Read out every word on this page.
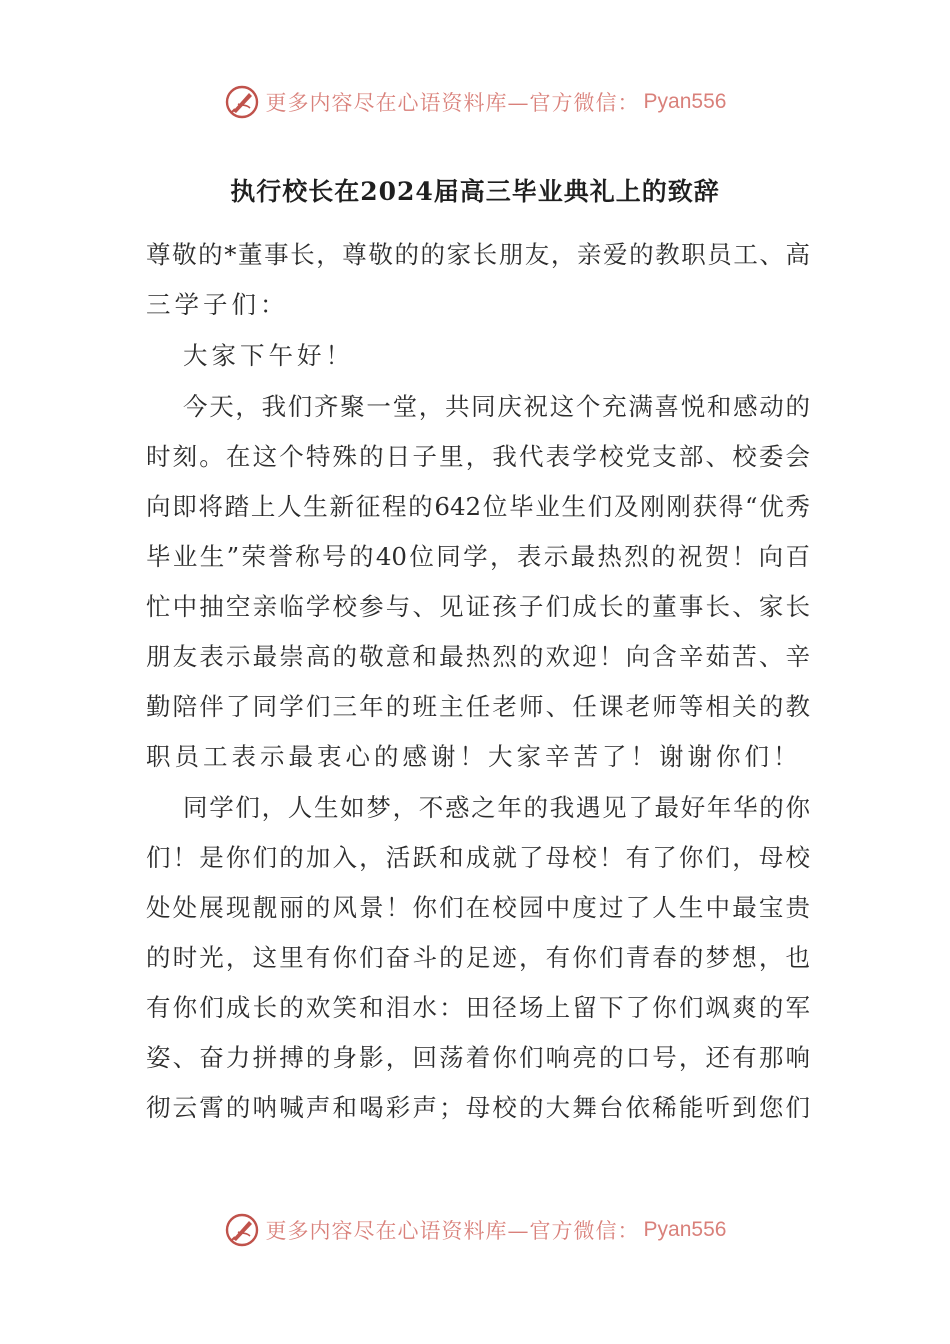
更多内容尽在心语资料库—官方微信： Pyan556
执行校长在2024届高三毕业典礼上的致辞
尊敬的*董事长，尊敬的的家长朋友，亲爱的教职员工、高
三学子们：
大家下午好！
今天，我们齐聚一堂，共同庆祝这个充满喜悦和感动的
时刻。在这个特殊的日子里，我代表学校党支部、校委会
向即将踏上人生新征程的642位毕业生们及刚刚获得“优秀
毕业生”荣誉称号的40位同学，表示最热烈的祝贺！向百
忙中抽空亲临学校参与、见证孩子们成长的董事长、家长
朋友表示最崇高的敬意和最热烈的欢迎！向含辛茹苦、辛
勤陪伴了同学们三年的班主任老师、任课老师等相关的教
职员工表示最衷心的感谢！大家辛苦了！谢谢你们！
同学们，人生如梦，不惑之年的我遇见了最好年华的你
们！是你们的加入，活跃和成就了母校！有了你们，母校
处处展现靓丽的风景！你们在校园中度过了人生中最宝贵
的时光，这里有你们奋斗的足迹，有你们青春的梦想，也
有你们成长的欢笑和泪水：田径场上留下了你们飒爽的军
姿、奋力拼搏的身影，回荡着你们响亮的口号，还有那响
彻云霄的呐喊声和喝彩声；母校的大舞台依稀能听到您们
更多内容尽在心语资料库—官方微信： Pyan556
